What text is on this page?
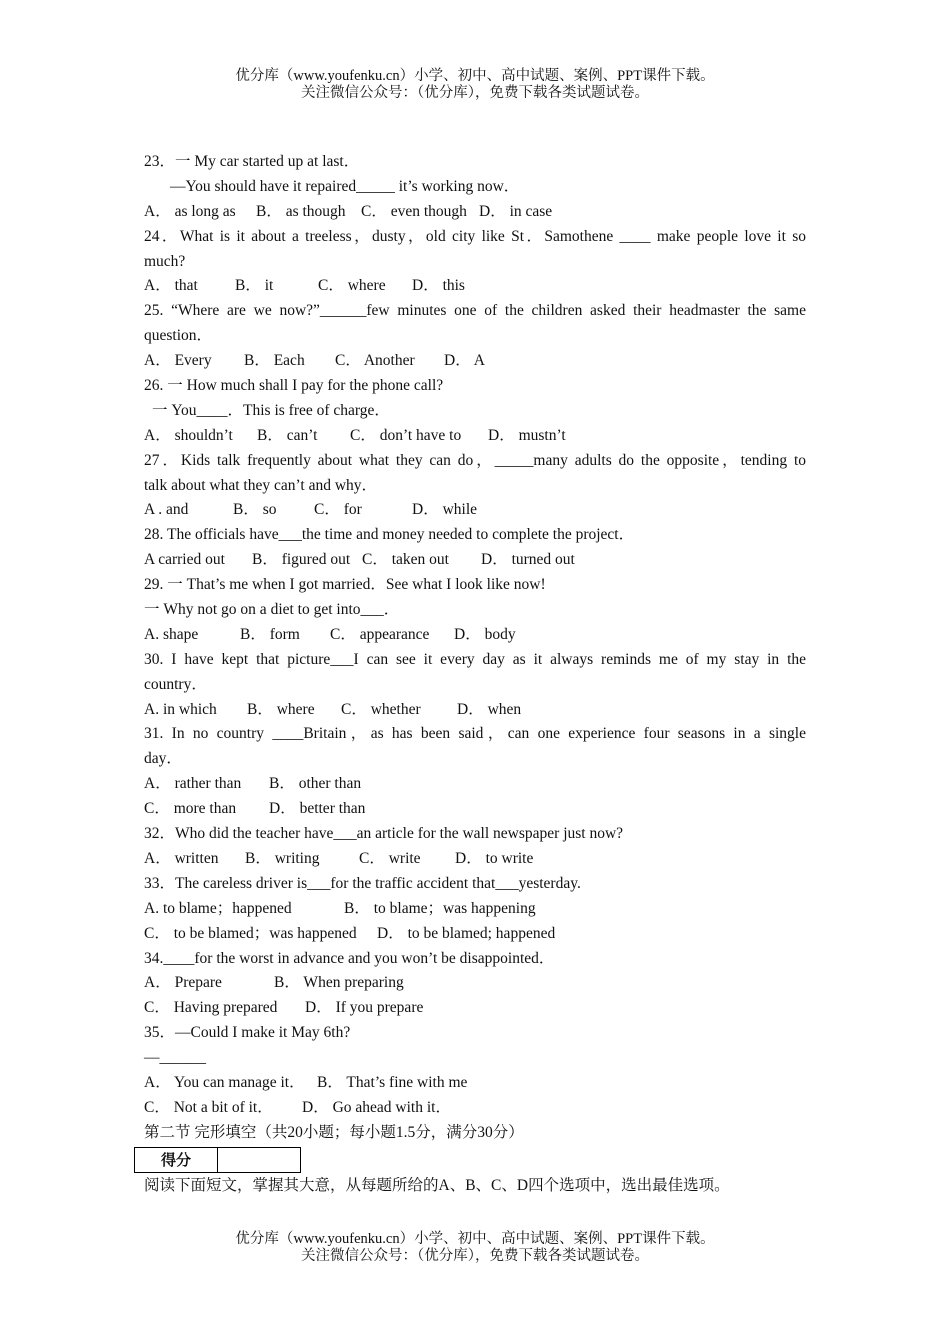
优分库（www.youfenku.cn）小学、初中、高中试题、案例、PPT课件下载。
关注微信公众号：（优分库），免费下载各类试题试卷。
23．一 My car started up at last．
—You should have it repaired_____ it’s working now．
A． as long as	B． as though C． even though D． in case
24．What is it about a treeless，dusty，old city like St．Samothene ____ make people love it so
much?
A． that	B． it	C． where	D． this
25. “Where are we now?”______few minutes one of the children asked their headmaster the same
question．
A． Every	B． Each	C． Another	D． A
26. 一 How much shall I pay for the phone call?
一 You____．This is free of charge．
A． shouldn’t	B． can’t	C． don’t have to	D． mustn’t
27．Kids talk frequently about what they can do，_____many adults do the opposite，tending to
talk about what they can’t and why．
A . and	B． so	C． for	D． while
28. The officials have___the time and money needed to complete the project．
A carried out	B． figured out C． taken out	D． turned out
29. 一 That’s me when I got married．See what I look like now!
一 Why not go on a diet to get into___．
A. shape	B． form	C． appearance	D． body
30. I have kept that picture___I can see it every day as it always reminds me of my stay in the
country．
A. in which	B． where	C． whether	D． when
31. In no country ____Britain，as has been said，can one experience four seasons in a single
day．
A． rather than	B． other than
C． more than	D． better than
32．Who did the teacher have___an article for the wall newspaper just now?
A． written	B． writing	C． write	D． to write
33．The careless driver is___for the traffic accident that___yesterday.
A. to blame；happened	B． to blame；was happening
C． to be blamed；was happened	D． to be blamed; happened
34.____for the worst in advance and you won’t be disappointed．
A． Prepare	B． When preparing
C． Having prepared	D． If you prepare
35．—Could I make it May 6th?
—______
A． You can manage it． B． That’s fine with me
C． Not a bit of it．	D． Go ahead with it．
第二节 完形填空（共20小题；每小题1.5分，满分30分）
得分	
阅读下面短文，掌握其大意，从每题所给的A、B、C、D四个选项中，选出最佳选项。
优分库（www.youfenku.cn）小学、初中、高中试题、案例、PPT课件下载。
关注微信公众号：（优分库），免费下载各类试题试卷。
